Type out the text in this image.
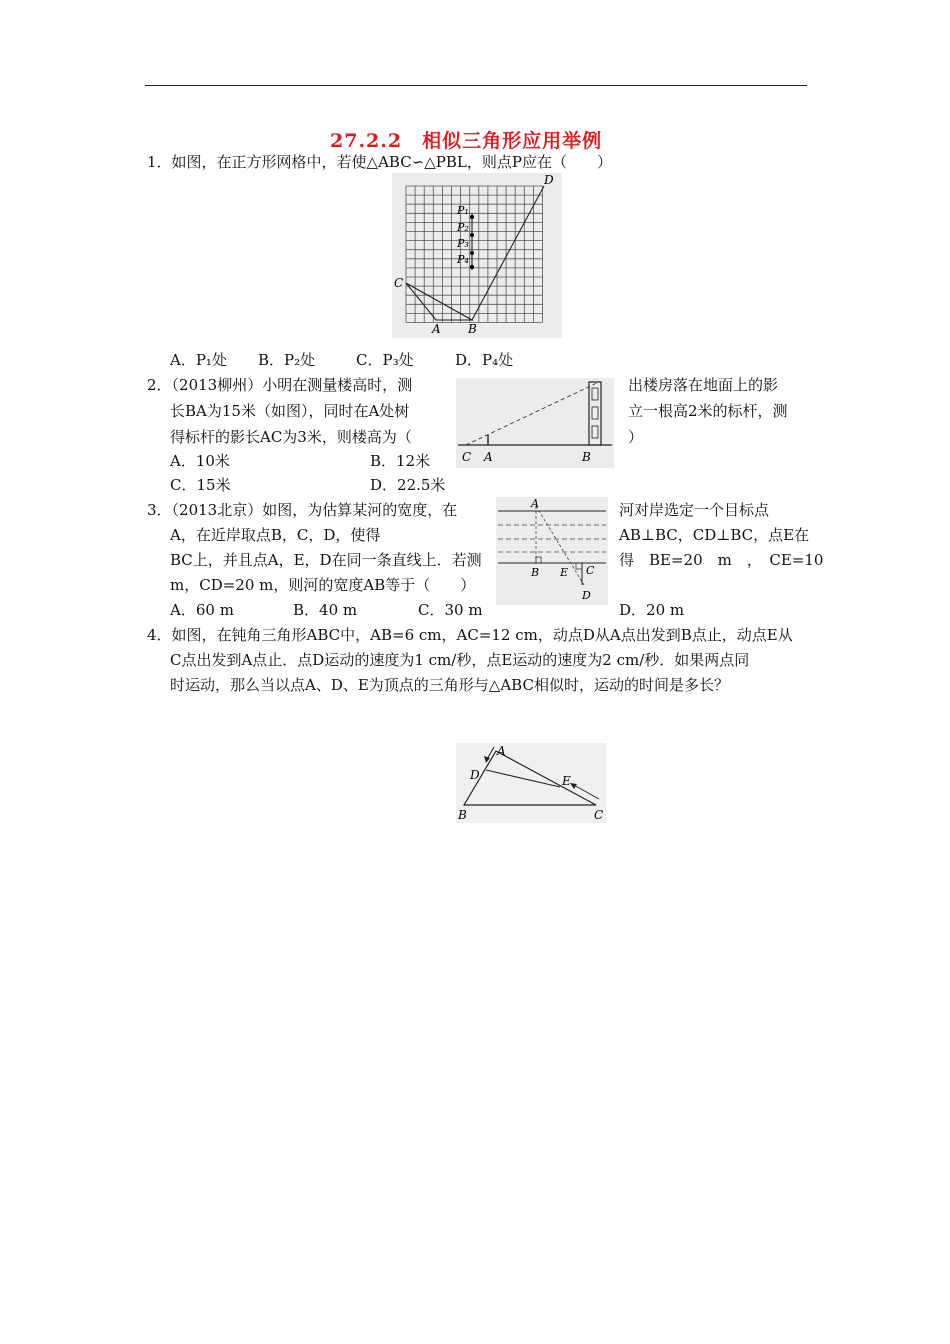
27.2.2　相似三角形应用举例
1．如图，在正方形网格中，若使△ABC∽△PBL，则点P应在（　　）
C
A B
D
P₁
P₂
P₃
P₄
A．P₁处 B．P₂处	C．P₃处	D．P₄处
2．（2013柳州）小明在测量楼高时，测	出楼房落在地面上的影
长BA为15米（如图），同时在A处树	立一根高2米的标杆，测
得标杆的影长AC为3米，则楼高为（	）
C A	B
A．10米	B．12米
C．15米	D．22.5米
3．（2013北京）如图，为估算某河的宽度，在	河对岸选定一个目标点
A，在近岸取点B，C，D，使得	AB⊥BC，CD⊥BC，点E在
BC上，并且点A，E，D在同一条直线上．若测	得　BE=20　m　，　CE=10
m，CD=20 m，则河的宽度AB等于（　　）
A
B E C
D
A．60 m	B．40 m	C．30 m	D．20 m
4．如图，在钝角三角形ABC中，AB=6 cm，AC=12 cm，动点D从A点出发到B点止，动点E从
C点出发到A点止．点D运动的速度为1 cm/秒，点E运动的速度为2 cm/秒．如果两点同
时运动，那么当以点A、D、E为顶点的三角形与△ABC相似时，运动的时间是多长？
A
D	E
B	C
